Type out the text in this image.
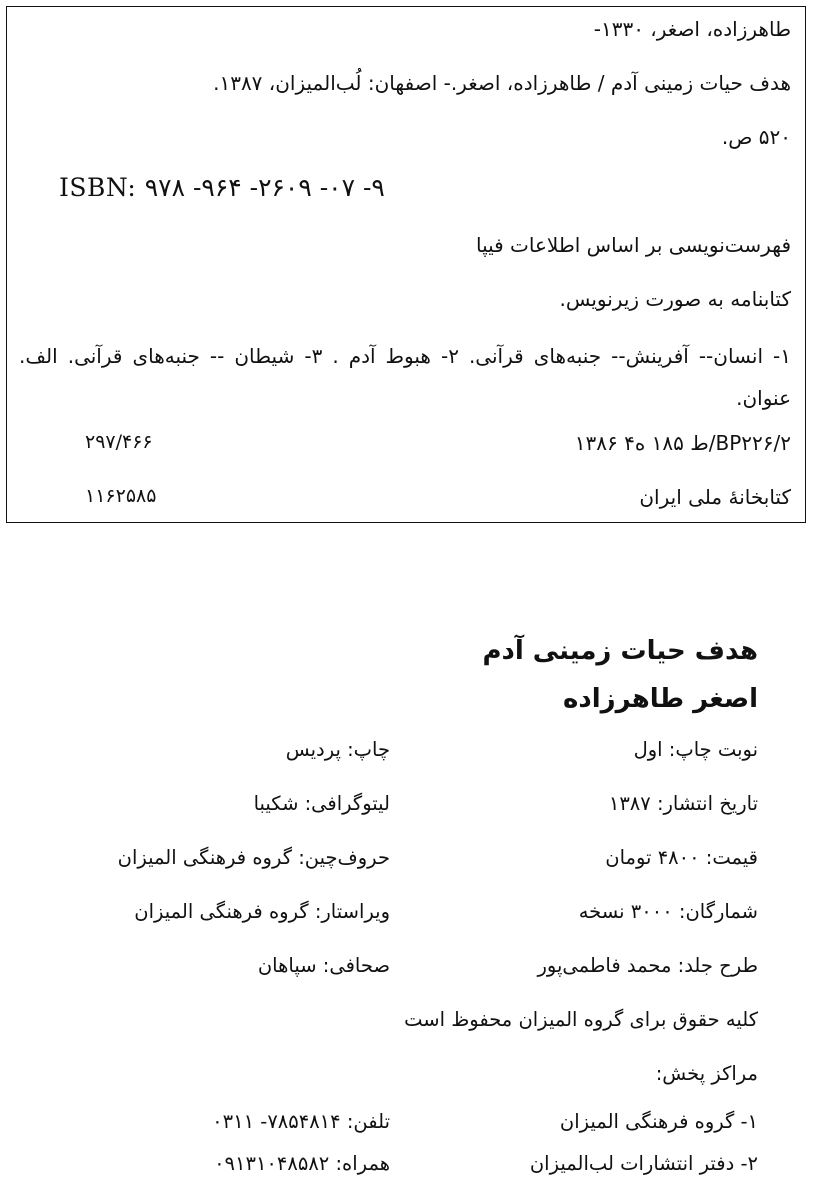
طاهرزاده، اصغر، ۱۳۳۰-
هدف حیات زمینی آدم / طاهرزاده، اصغر.- اصفهان: لُب‌المیزان، ۱۳۸۷.
۵۲۰ ص.
ISBN: ۹۷۸ -۹۶۴ -۲۶۰۹ -۰۷ -۹
فهرست‌نویسی بر اساس اطلاعات فیپا
کتابنامه به صورت زیرنویس.
۱- انسان-- آفرینش-- جنبه‌های قرآنی. ۲- هبوط آدم . ۳- شیطان -- جنبه‌های قرآنی. الف. عنوان.
BP۲۲۶/۲/ط ۱۸۵ ه۴ ۱۳۸۶
۲۹۷/۴۶۶
کتابخانهٔ ملی ایران
۱۱۶۲۵۸۵
هدف حیات زمینی آدم
اصغر طاهرزاده
نوبت چاپ: اول
چاپ: پردیس
تاریخ انتشار: ۱۳۸۷
لیتوگرافی: شکیبا
قیمت: ۴۸۰۰ تومان
حروف‌چین: گروه فرهنگی المیزان
شمارگان: ۳۰۰۰ نسخه
ویراستار: گروه فرهنگی المیزان
طرح جلد: محمد فاطمی‌پور
صحافی: سپاهان
کلیه حقوق برای گروه المیزان محفوظ است
مراکز پخش:
۱- گروه فرهنگی المیزان
تلفن: ۷۸۵۴۸۱۴- ۰۳۱۱
۲- دفتر انتشارات لب‌المیزان
همراه: ۰۹۱۳۱۰۴۸۵۸۲
